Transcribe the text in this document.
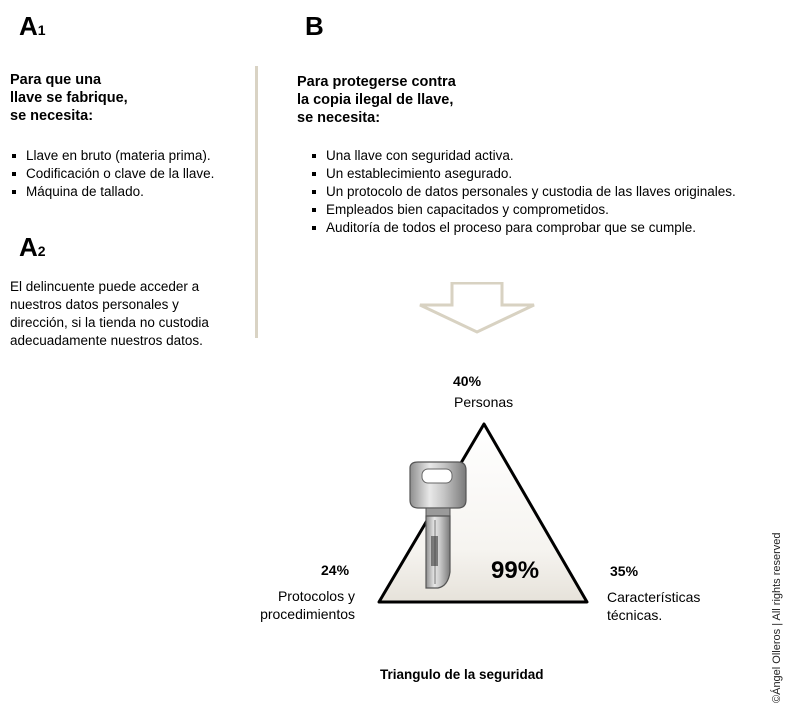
A1
Para que una
llave se fabrique,
se necesita:
Llave en bruto (materia prima).
Codificación o clave de la llave.
Máquina de tallado.
A2
El delincuente puede acceder a
nuestros datos personales y
dirección, si la tienda no custodia
adecuadamente nuestros datos.
B
Para protegerse contra
la copia ilegal de llave,
se necesita:
Una llave con seguridad activa.
Un establecimiento asegurado.
Un protocolo de datos personales y custodia de las llaves originales.
Empleados bien capacitados y comprometidos.
Auditoría de todos el proceso para comprobar que se cumple.
40%
Personas
24%
Protocolos y
procedimientos
35%
Características
técnicas.
99%
Triangulo de la seguridad	©Ángel Olleros | All rights reserved
